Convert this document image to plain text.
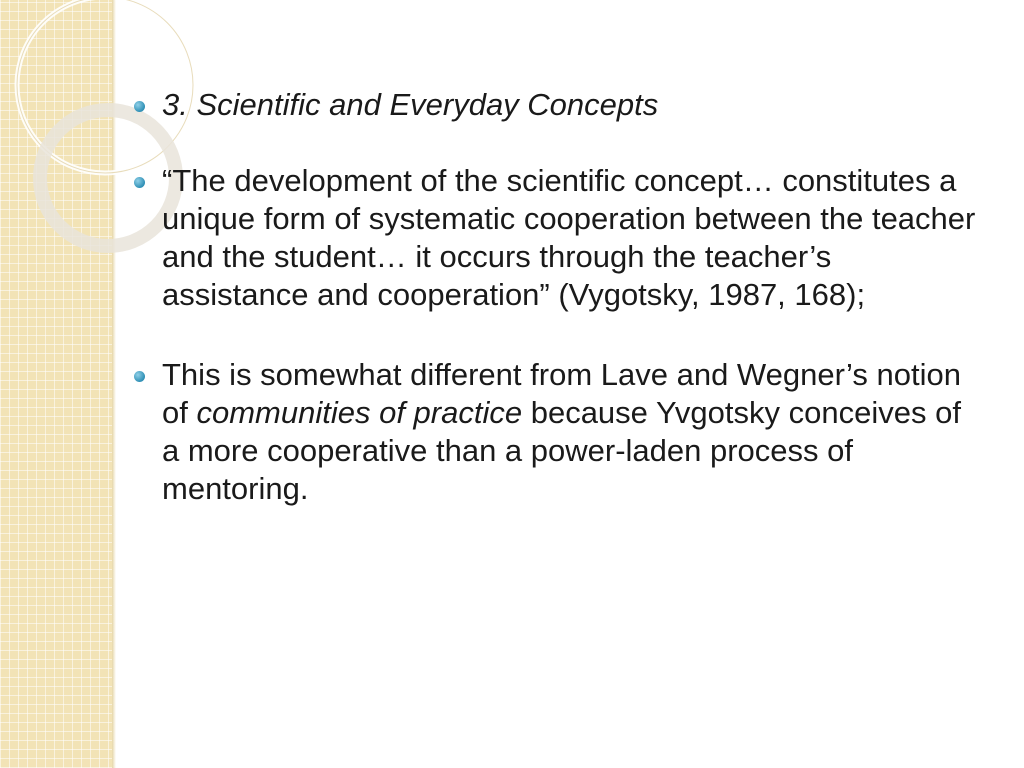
3. Scientific and Everyday Concepts
“The development of the scientific concept… constitutes a unique form of systematic cooperation between the teacher and the student… it occurs through the teacher’s assistance and cooperation” (Vygotsky, 1987, 168);
This is somewhat different from Lave and Wegner’s notion of communities of practice because Yvgotsky conceives of a more cooperative than a power-laden process of mentoring.
